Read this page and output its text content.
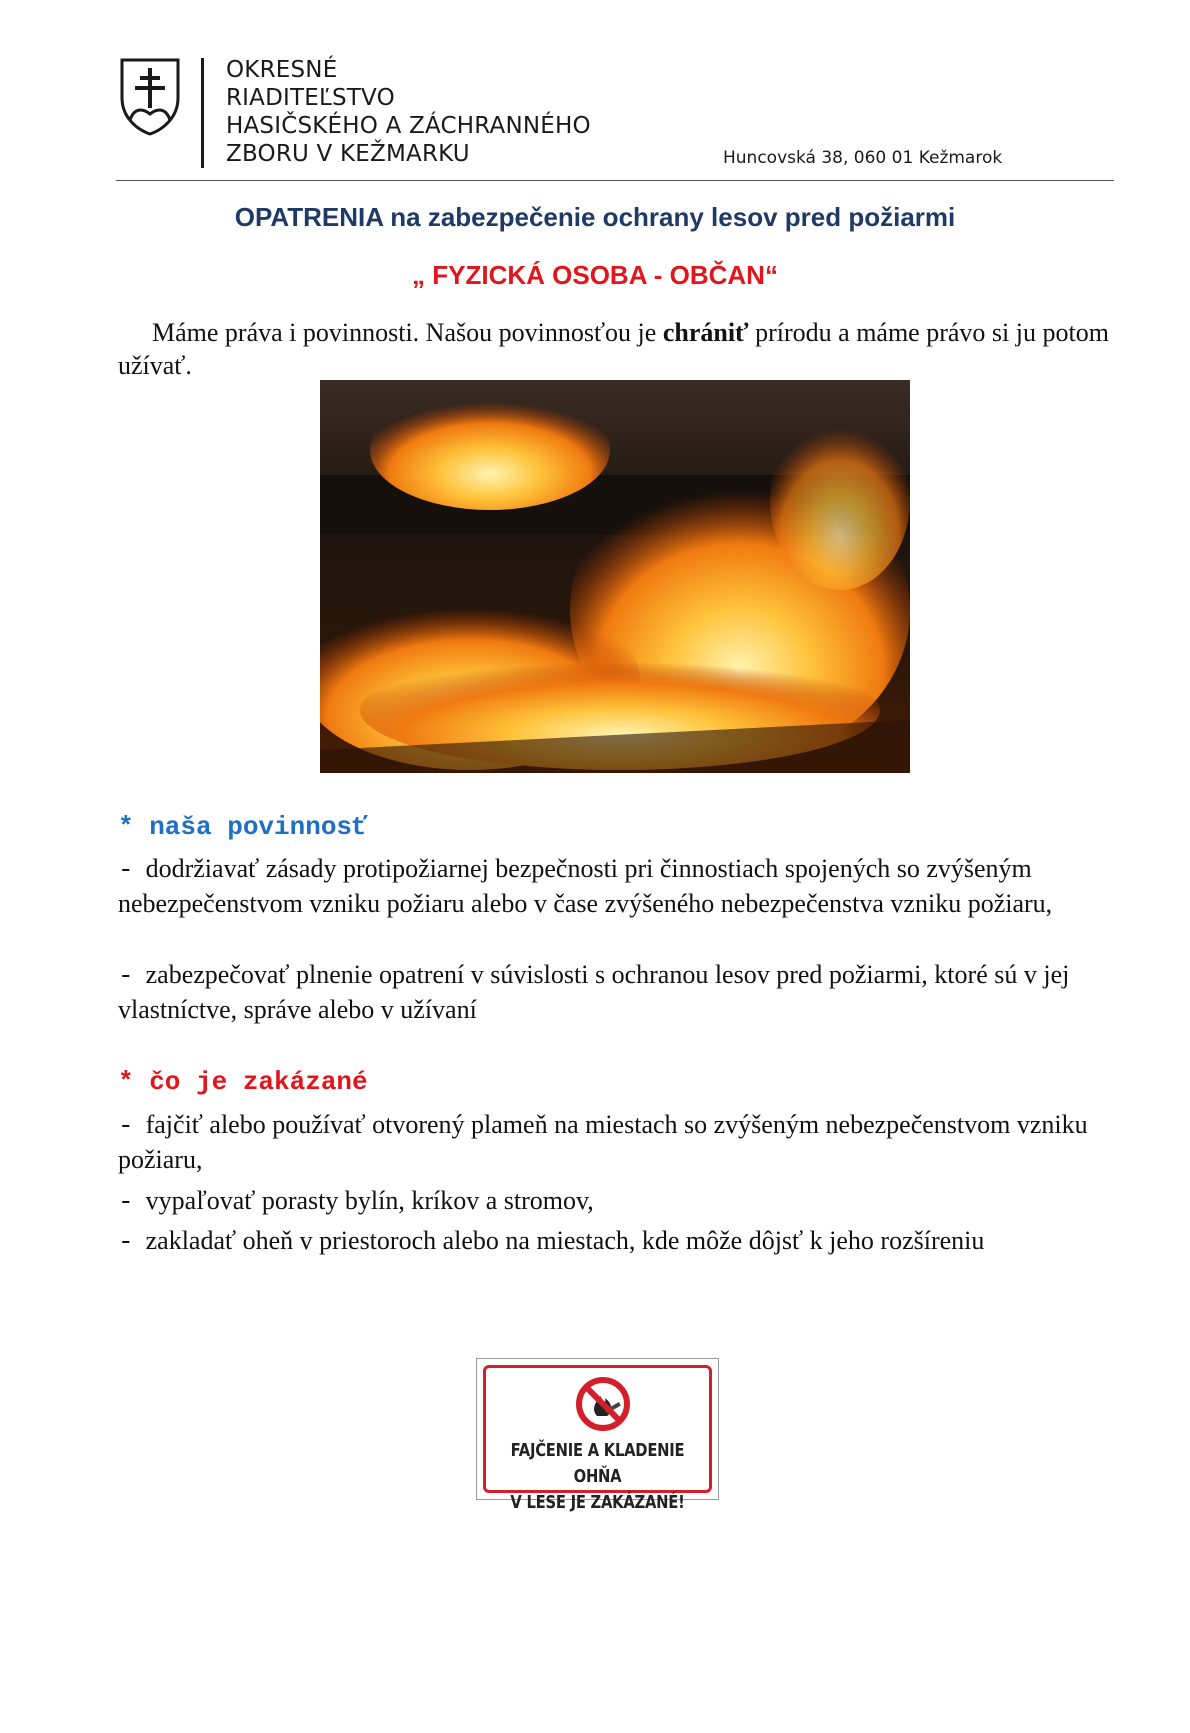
OKRESNÉ
RIADITEĽSTVO
HASIČSKÉHO A ZÁCHRANNÉHO
ZBORU V KEŽMARKU	Huncovská 38, 060 01 Kežmarok
OPATRENIA na zabezpečenie ochrany lesov pred požiarmi
„ FYZICKÁ OSOBA - OBČAN“
Máme práva i povinnosti. Našou povinnosťou je chrániť prírodu a máme právo si ju potom užívať.
* naša povinnosť
- dodržiavať zásady protipožiarnej bezpečnosti pri činnostiach spojených so zvýšeným nebezpečenstvom vzniku požiaru alebo v čase zvýšeného nebezpečenstva vzniku požiaru,
- zabezpečovať plnenie opatrení v súvislosti s ochranou lesov pred požiarmi, ktoré sú v jej vlastníctve, správe alebo v užívaní
* čo je zakázané
- fajčiť alebo používať otvorený plameň na miestach so zvýšeným nebezpečenstvom vzniku požiaru,
- vypaľovať porasty bylín, kríkov a stromov,
- zakladať oheň v priestoroch alebo na miestach, kde môže dôjsť k jeho rozšíreniu
FAJČENIE A KLADENIE OHŇA
V LESE JE ZAKÁZANÉ!
